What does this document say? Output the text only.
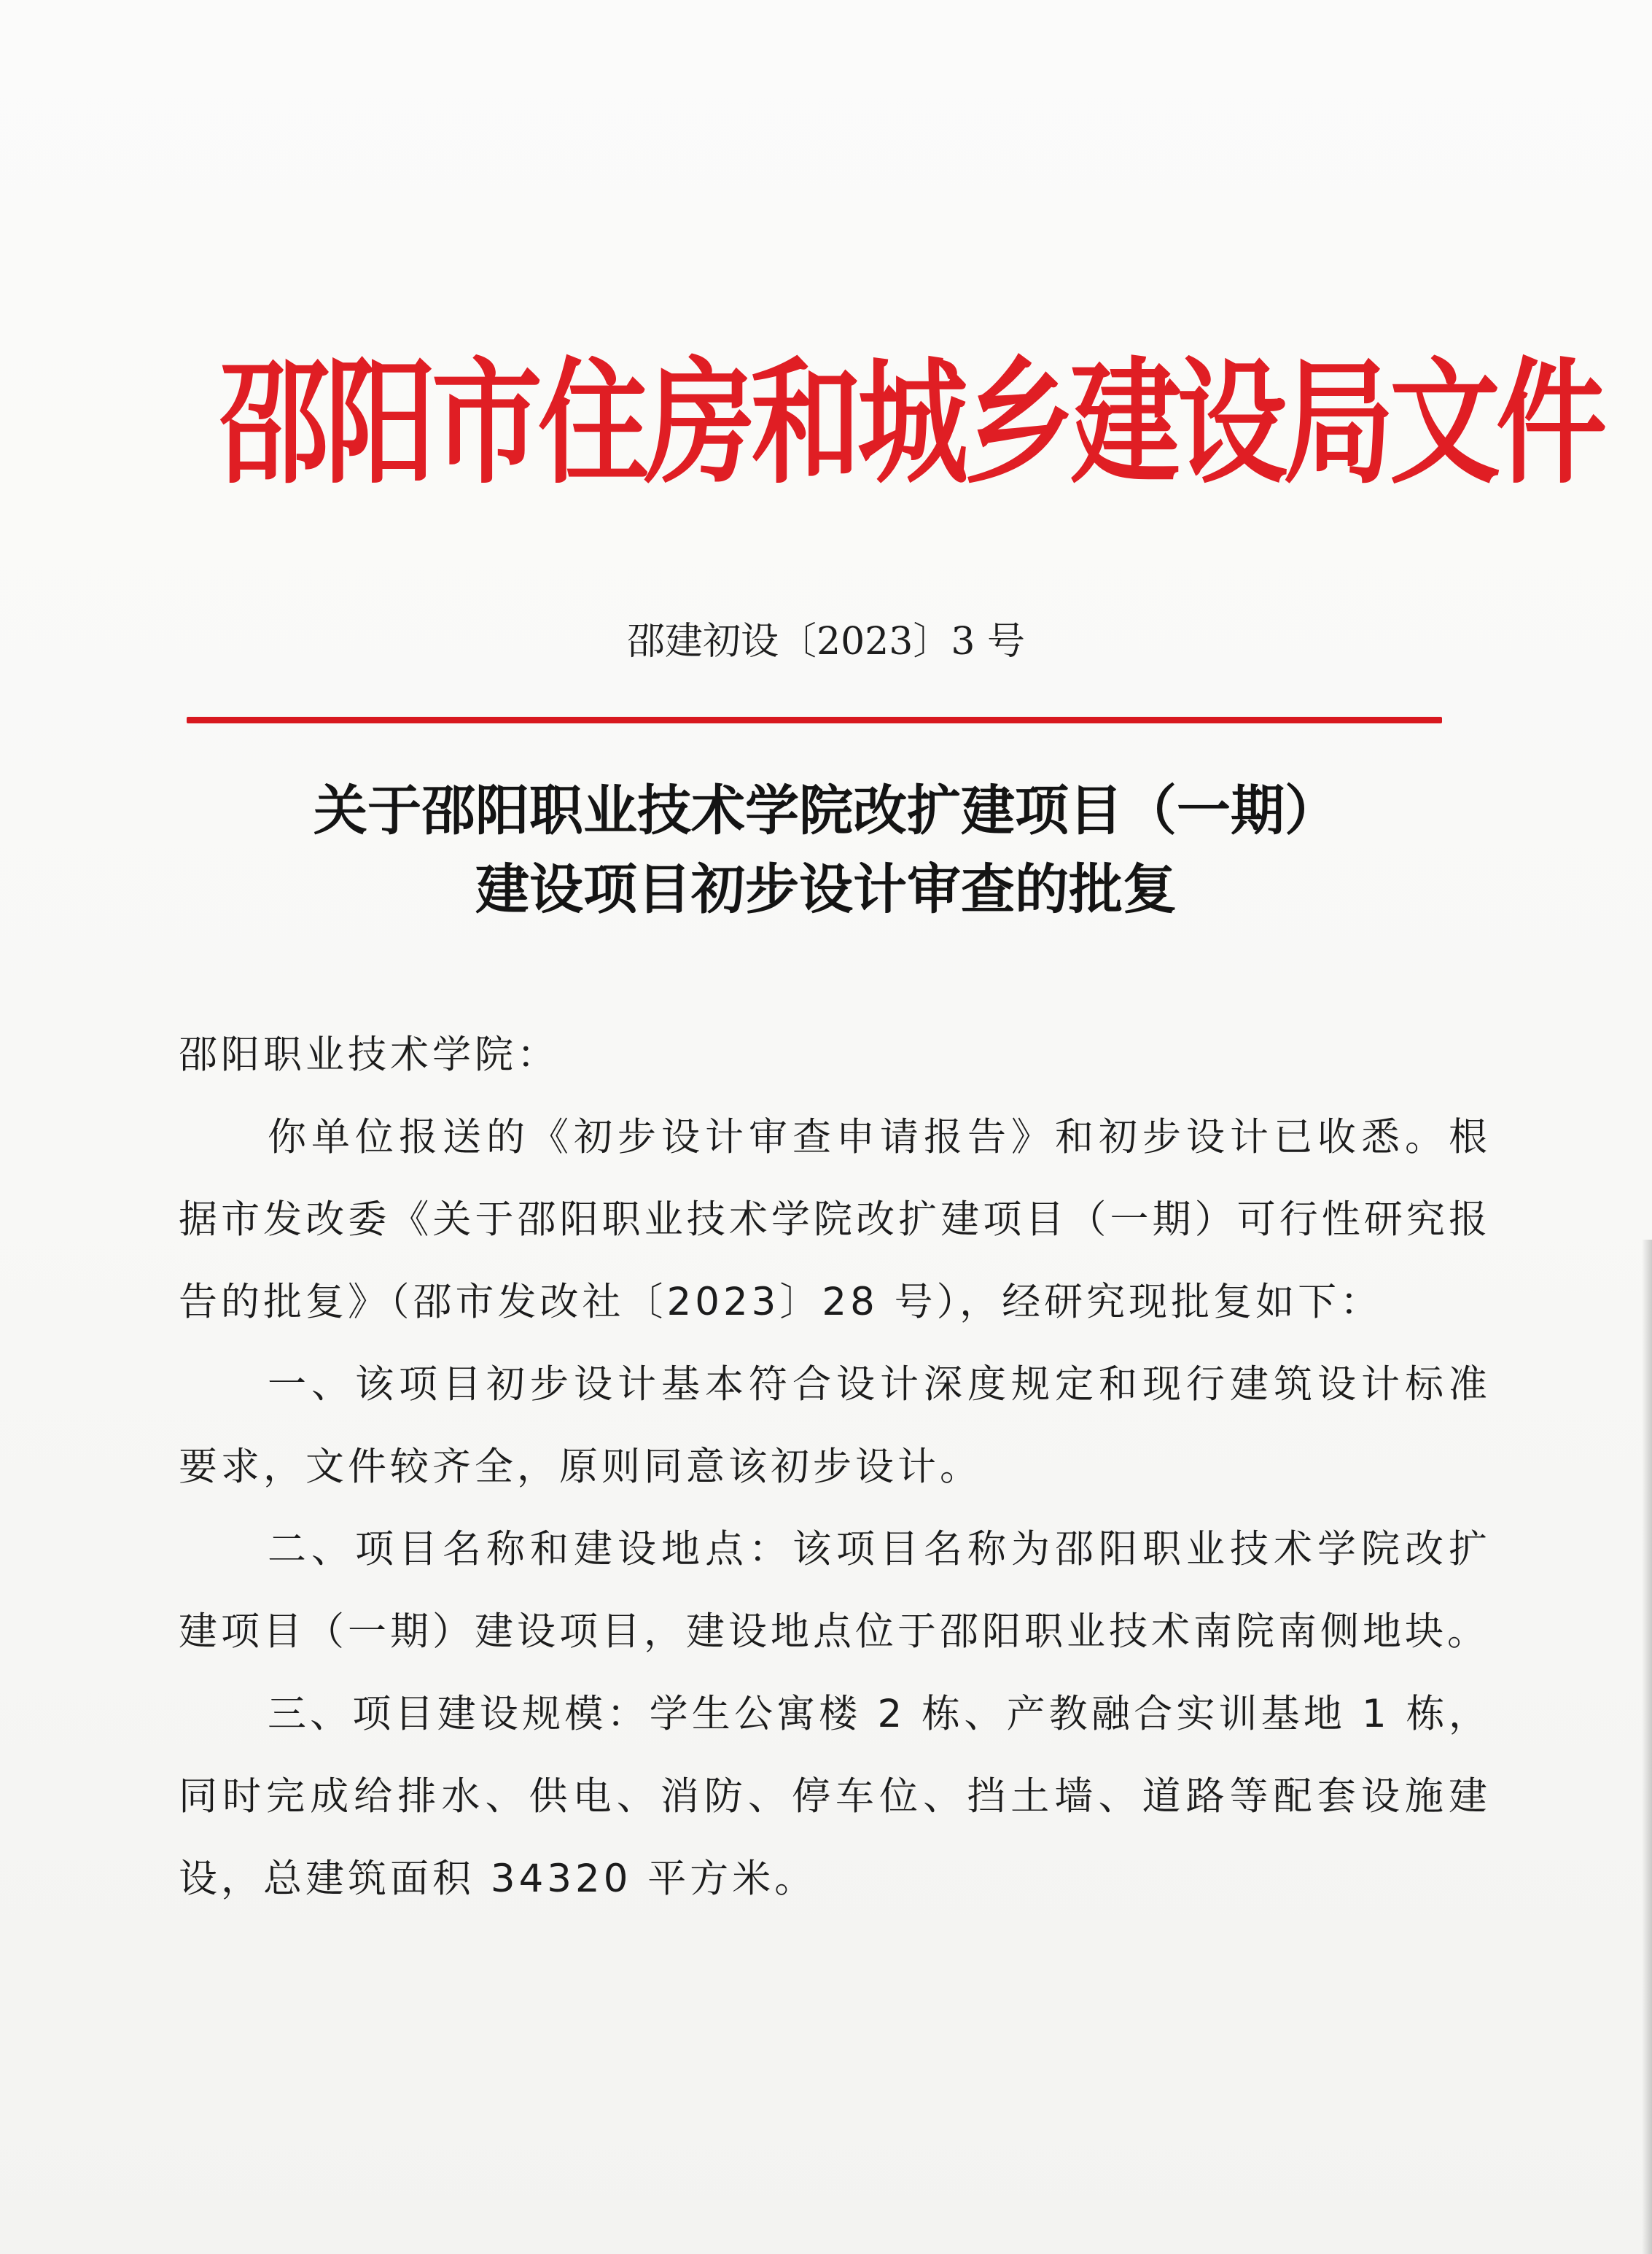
邵阳市住房和城乡建设局文件
邵建初设〔2023〕3 号
关于邵阳职业技术学院改扩建项目（一期）
建设项目初步设计审查的批复

邵阳职业技术学院：

你单位报送的《初步设计审查申请报告》和初步设计已收悉。根据市发改委《关于邵阳职业技术学院改扩建项目（一期）可行性研究报告的批复》（邵市发改社〔2023〕28 号），经研究现批复如下：

一、该项目初步设计基本符合设计深度规定和现行建筑设计标准要求，文件较齐全，原则同意该初步设计。

二、项目名称和建设地点：该项目名称为邵阳职业技术学院改扩建项目（一期）建设项目，建设地点位于邵阳职业技术南院南侧地块。

三、项目建设规模：学生公寓楼 2 栋、产教融合实训基地 1 栋，同时完成给排水、供电、消防、停车位、挡土墙、道路等配套设施建设，总建筑面积 34320 平方米。
